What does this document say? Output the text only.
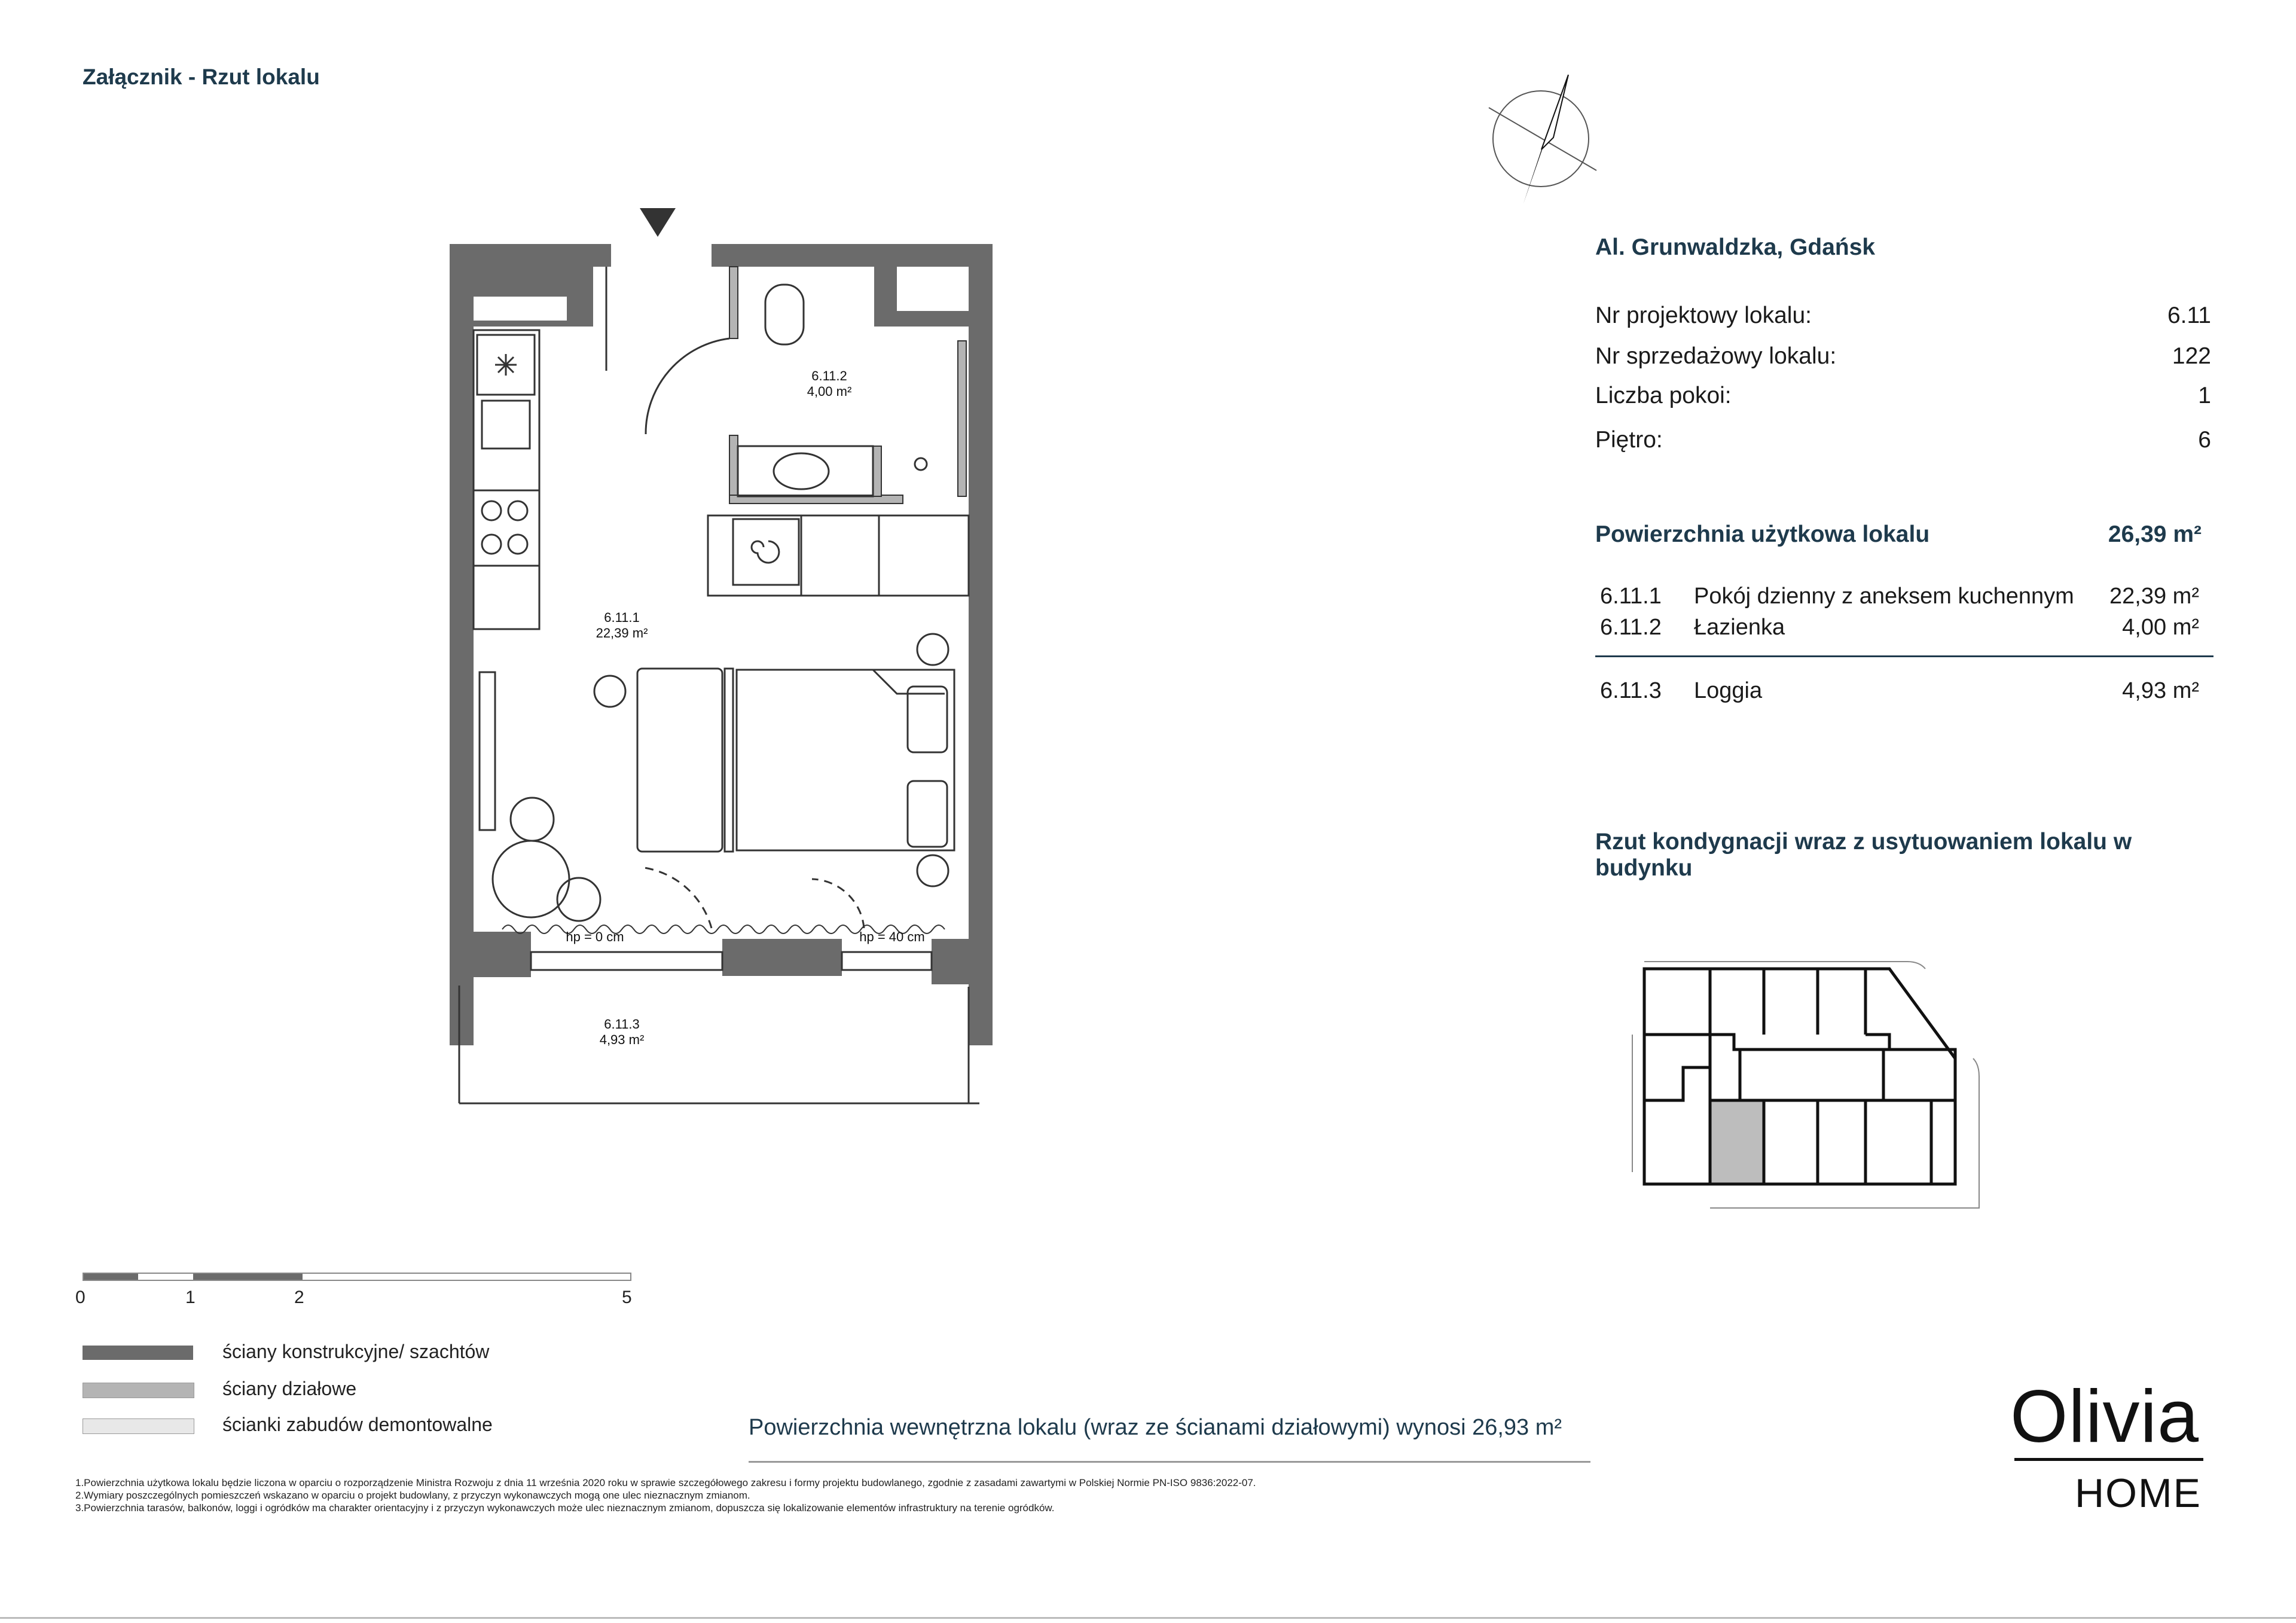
Załącznik - Rzut lokalu
6.11.2
4,00 m²
6.11.1
22,39 m²
6.11.3
4,93 m²
hp = 0 cm	hp = 40 cm
Al. Grunwaldzka, Gdańsk
Nr projektowy lokalu:	6.11
Nr sprzedażowy lokalu:	122
Liczba pokoi:	1
Piętro:	6
Powierzchnia użytkowa lokalu	26,39 m²
6.11.1 Pokój dzienny z aneksem kuchennym 22,39 m²
6.11.2 Łazienka	4,00 m²
6.11.3 Loggia	4,93 m²
Rzut kondygnacji wraz z usytuowaniem lokalu w budynku
0	1	2	5
ściany konstrukcyjne/ szachtów
ściany działowe
ścianki zabudów demontowalne	Powierzchnia wewnętrzna lokalu (wraz ze ścianami działowymi) wynosi 26,93 m²
1.Powierzchnia użytkowa lokalu będzie liczona w oparciu o rozporządzenie Ministra Rozwoju z dnia 11 września 2020 roku w sprawie szczegółowego zakresu i formy projektu budowlanego, zgodnie z zasadami zawartymi w Polskiej Normie PN-ISO 9836:2022-07.
2.Wymiary poszczególnych pomieszczeń wskazano w oparciu o projekt budowlany, z przyczyn wykonawczych mogą one ulec nieznacznym zmianom.
3.Powierzchnia tarasów, balkonów, loggi i ogródków ma charakter orientacyjny i z przyczyn wykonawczych może ulec nieznacznym zmianom, dopuszcza się lokalizowanie elementów infrastruktury na terenie ogródków.
Olivia
HOME
